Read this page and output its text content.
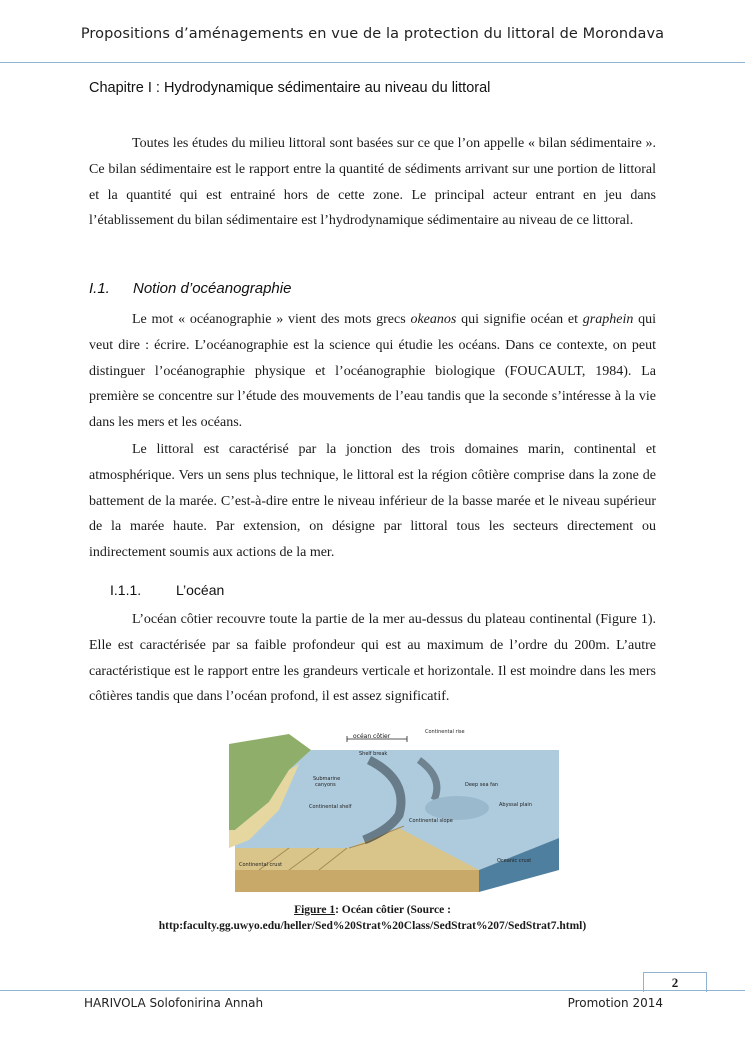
Propositions d’aménagements en vue de la protection du littoral de Morondava
Chapitre I : Hydrodynamique sédimentaire au niveau du littoral

Toutes les études du milieu littoral sont basées sur ce que l’on appelle « bilan sédimentaire ». Ce bilan sédimentaire est le rapport entre la quantité de sédiments arrivant sur une portion de littoral et la quantité qui est entrainé hors de cette zone. Le principal acteur entrant en jeu dans l’établissement du bilan sédimentaire est l’hydrodynamique sédimentaire au niveau de ce littoral.

I.1. Notion d’océanographie

Le mot « océanographie » vient des mots grecs okeanos qui signifie océan et graphein qui veut dire : écrire. L’océanographie est la science qui étudie les océans. Dans ce contexte, on peut distinguer l’océanographie physique et l’océanographie biologique (FOUCAULT, 1984). La première se concentre sur l’étude des mouvements de l’eau tandis que la seconde s’intéresse à la vie dans les mers et les océans.

Le littoral est caractérisé par la jonction des trois domaines marin, continental et atmosphérique. Vers un sens plus technique, le littoral est la région côtière comprise dans la zone de battement de la marée. C’est-à-dire entre le niveau inférieur de la basse marée et le niveau supérieur de la marée haute. Par extension, on désigne par littoral tous les secteurs directement ou indirectement soumis aux actions de la mer.

I.1.1. L’océan

L’océan côtier recouvre toute la partie de la mer au-dessus du plateau continental (Figure 1). Elle est caractérisée par sa faible profondeur qui est au maximum de l’ordre du 200m. L’autre caractéristique est le rapport entre les grandeurs verticale et horizontale. Il est moindre dans les mers côtières tandis que dans l’océan profond, il est assez significatif.

océan côtier
Continental rise
Shelf break
Submarine
canyons
Continental shelf
Deep sea fan
Abyssal plain
Continental slope
Continental crust
Oceanic crust
Figure 1: Océan côtier (Source : http:faculty.gg.uwyo.edu/heller/Sed%20Strat%20Class/SedStrat%207/SedStrat7.html)
2
HARIVOLA Solofonirina Annah	Promotion 2014
